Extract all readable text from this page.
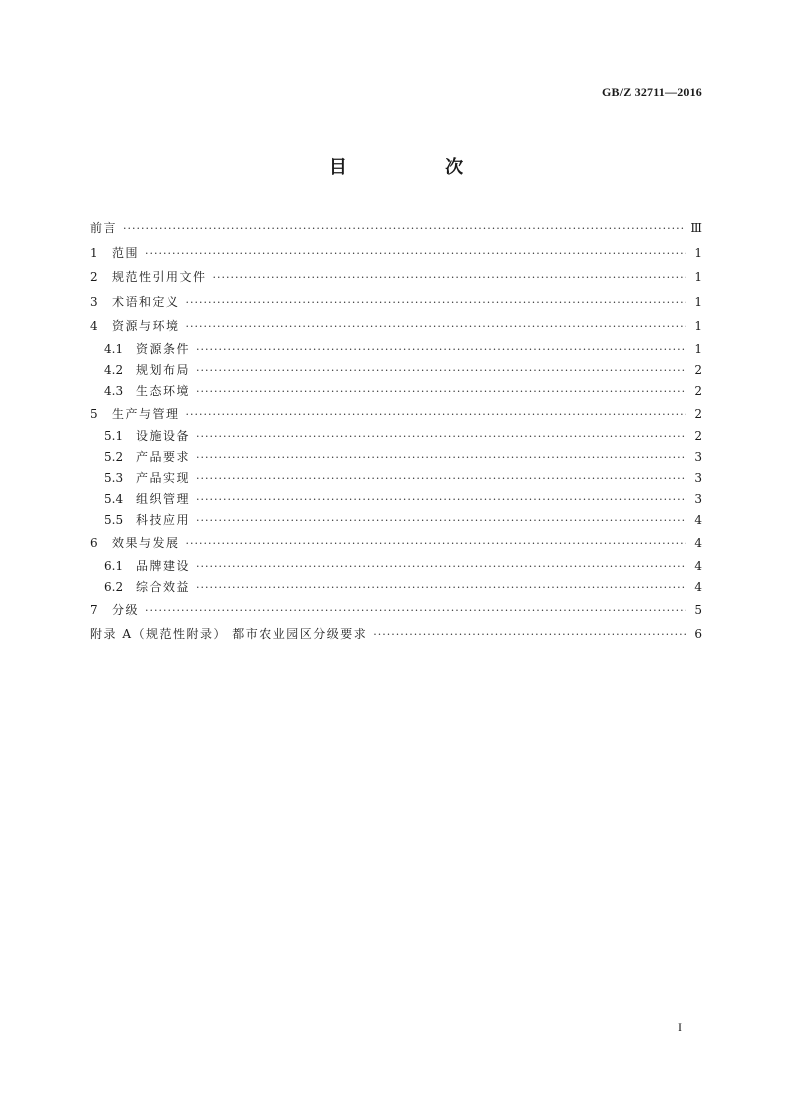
GB/Z 32711—2016
目 次
前言 ·····	Ⅲ
1	范围 ·····	1
2	规范性引用文件 ·····	1
3	术语和定义 ·····	1
4	资源与环境 ·····	1
4.1	资源条件 ·····	1
4.2	规划布局 ·····	2
4.3	生态环境 ·····	2
5	生产与管理 ·····	2
5.1	设施设备 ·····	2
5.2	产品要求 ·····	3
5.3	产品实现 ·····	3
5.4	组织管理 ·····	3
5.5	科技应用 ·····	4
6	效果与发展 ·····	4
6.1	品牌建设 ·····	4
6.2	综合效益 ·····	4
7	分级 ·····	5
附录 A（规范性附录） 都市农业园区分级要求 ·····	6
I
